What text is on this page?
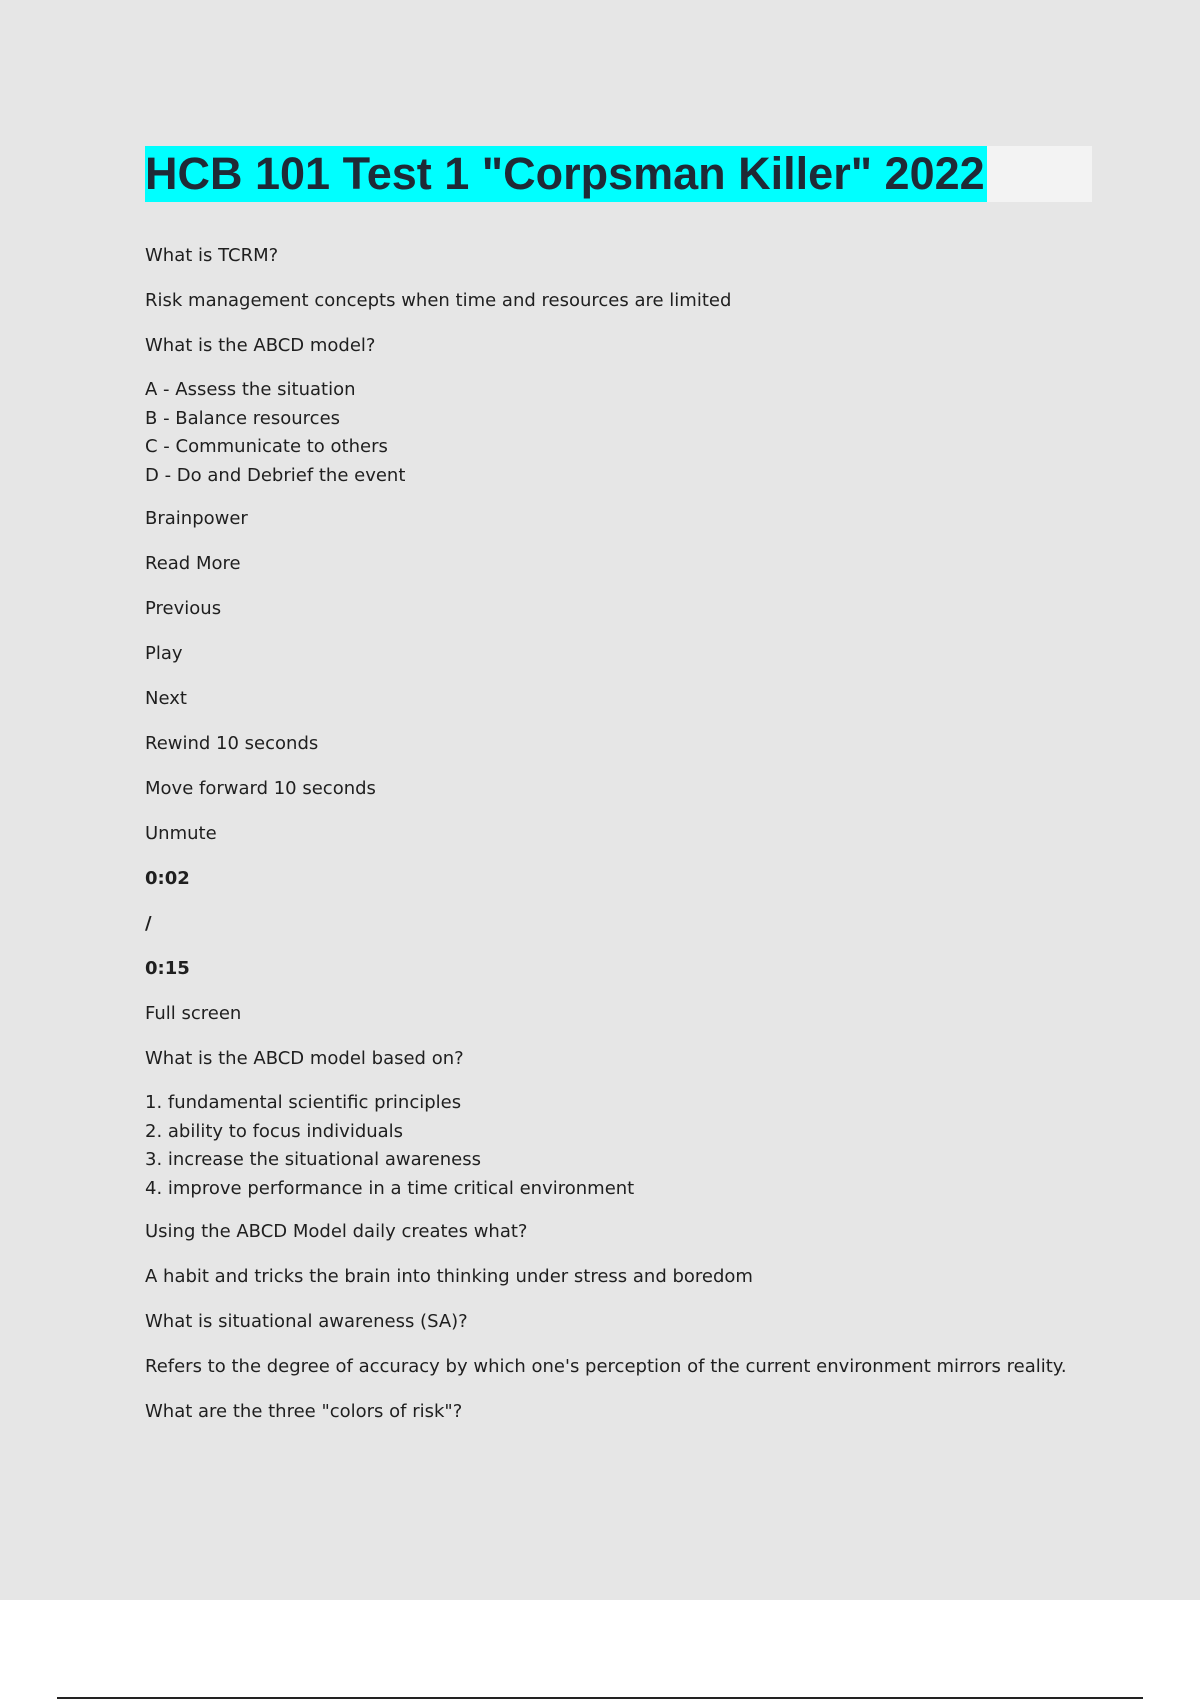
HCB 101 Test 1 "Corpsman Killer" 2022

What is TCRM?

Risk management concepts when time and resources are limited

What is the ABCD model?

A - Assess the situation
B - Balance resources
C - Communicate to others
D - Do and Debrief the event

Brainpower

Read More

Previous

Play

Next

Rewind 10 seconds

Move forward 10 seconds

Unmute

0:02

/

0:15

Full screen

What is the ABCD model based on?

1. fundamental scientific principles
2. ability to focus individuals
3. increase the situational awareness
4. improve performance in a time critical environment

Using the ABCD Model daily creates what?

A habit and tricks the brain into thinking under stress and boredom

What is situational awareness (SA)?

Refers to the degree of accuracy by which one's perception of the current environment mirrors reality.

What are the three "colors of risk"?
